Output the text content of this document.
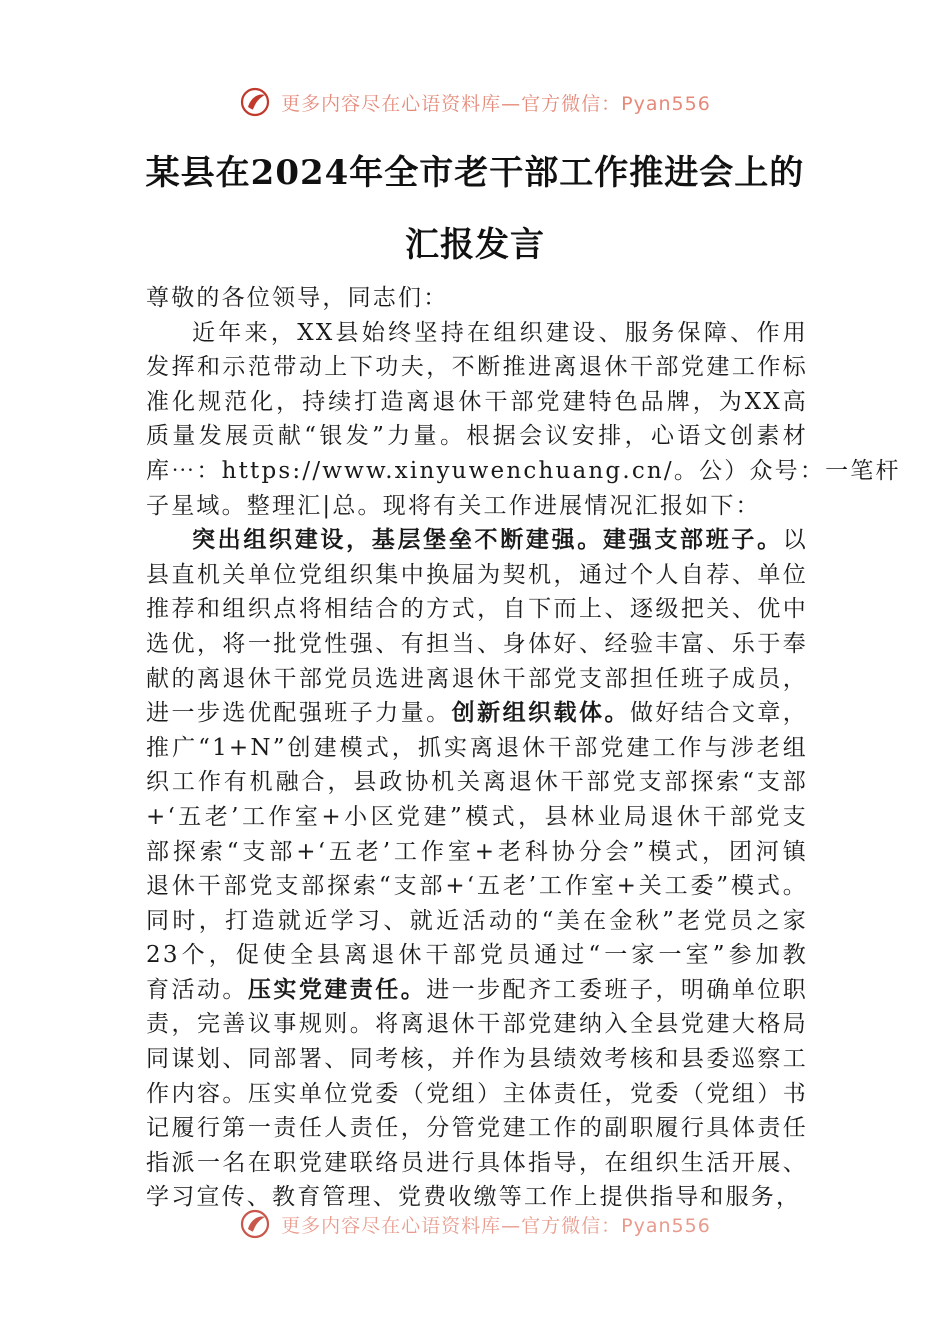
更多内容尽在心语资料库—官方微信：Pyan556
某县在2024年全市老干部工作推进会上的
汇报发言
尊敬的各位领导，同志们：
近年来，XX县始终坚持在组织建设、服务保障、作用
发挥和示范带动上下功夫，不断推进离退休干部党建工作标
准化规范化，持续打造离退休干部党建特色品牌，为XX高
质量发展贡献“银发”力量。根据会议安排，心语文创素材
库⋯：https://www.xinyuwenchuang.cn/。公）众号：一笔杆
子星域。整理汇|总。现将有关工作进展情况汇报如下：
突出组织建设，基层堡垒不断建强。建强支部班子。以
县直机关单位党组织集中换届为契机，通过个人自荐、单位
推荐和组织点将相结合的方式，自下而上、逐级把关、优中
选优，将一批党性强、有担当、身体好、经验丰富、乐于奉
献的离退休干部党员选进离退休干部党支部担任班子成员，
进一步选优配强班子力量。创新组织载体。做好结合文章，
推广“1+N”创建模式，抓实离退休干部党建工作与涉老组
织工作有机融合，县政协机关离退休干部党支部探索“支部
+‘五老’工作室+小区党建”模式，县林业局退休干部党支
部探索“支部+‘五老’工作室+老科协分会”模式，团河镇
退休干部党支部探索“支部+‘五老’工作室+关工委”模式。
同时，打造就近学习、就近活动的“美在金秋”老党员之家
23个，促使全县离退休干部党员通过“一家一室”参加教
育活动。压实党建责任。进一步配齐工委班子，明确单位职
责，完善议事规则。将离退休干部党建纳入全县党建大格局
同谋划、同部署、同考核，并作为县绩效考核和县委巡察工
作内容。压实单位党委（党组）主体责任，党委（党组）书
记履行第一责任人责任，分管党建工作的副职履行具体责任
指派一名在职党建联络员进行具体指导，在组织生活开展、
学习宣传、教育管理、党费收缴等工作上提供指导和服务，
更多内容尽在心语资料库—官方微信：Pyan556
